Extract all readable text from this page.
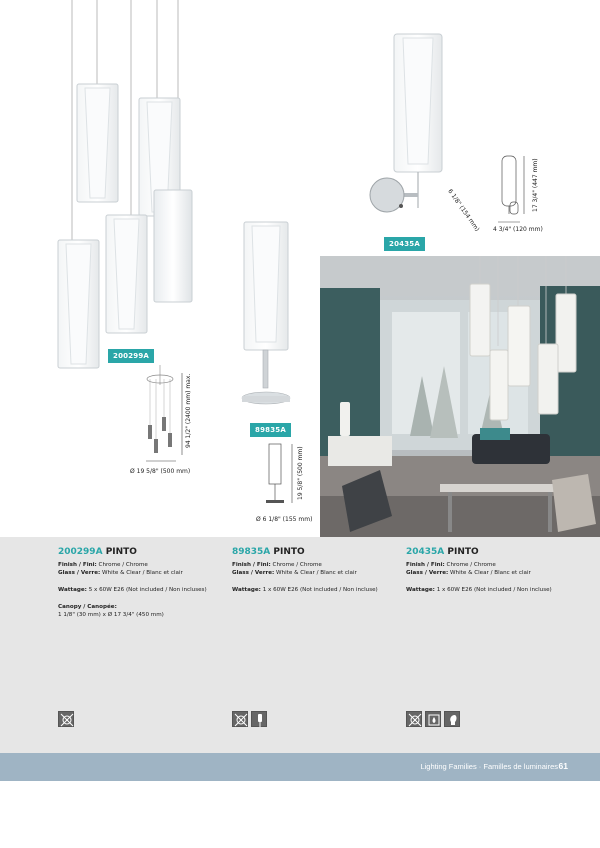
200299A
94 1/2" (2400 mm) max.
Ø 19 5/8" (500 mm)
89835A
19 5/8" (500 mm)
Ø 6 1/8" (155 mm)
20435A
17 3/4" (447 mm)
6 1/8" (154 mm) 4 3/4" (120 mm)
200299A PINTO

Finish / Fini: Chrome / Chrome

Glass / Verre: White & Clear / Blanc et clair

Wattage: 5 x 60W E26 (Not included / Non incluses)

Canopy / Canopée:

1 1/8" (30 mm) x Ø 17 3/4" (450 mm)

89835A PINTO

Finish / Fini: Chrome / Chrome

Glass / Verre: White & Clear / Blanc et clair

Wattage: 1 x 60W E26 (Not included / Non incluse)

20435A PINTO

Finish / Fini: Chrome / Chrome

Glass / Verre: White & Clear / Blanc et clair

Wattage: 1 x 60W E26 (Not included / Non incluse)

Lighting Families · Familles de luminaires 61
